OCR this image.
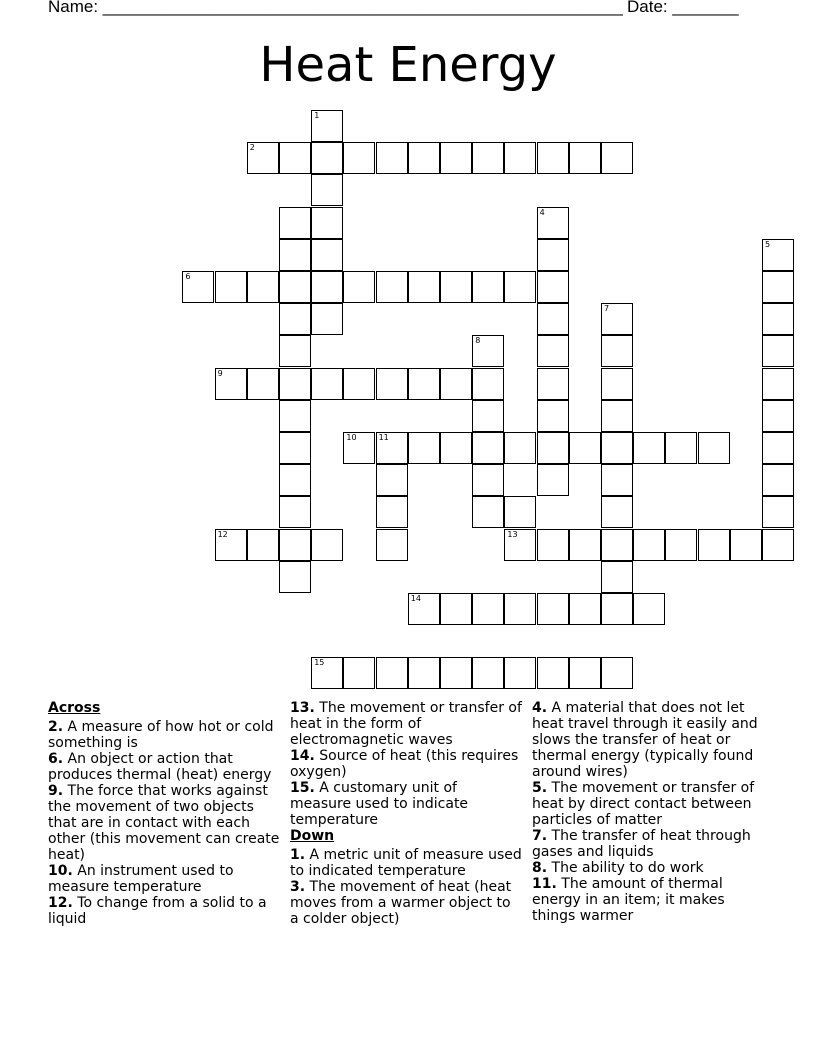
Name: _______________________________________________________ Date: _______
Heat Energy
1
2
4
5
6
7
8
9
10	11
12	13
14
15
Across
2. A measure of how hot or cold something is
6. An object or action that produces thermal (heat) energy
9. The force that works against the movement of two objects that are in contact with each other (this movement can create heat)
10. An instrument used to measure temperature
12. To change from a solid to a liquid
13. The movement or transfer of heat in the form of electromagnetic waves
14. Source of heat (this requires oxygen)
15. A customary unit of measure used to indicate temperature
Down
1. A metric unit of measure used to indicated temperature
3. The movement of heat (heat moves from a warmer object to a colder object)
4. A material that does not let heat travel through it easily and slows the transfer of heat or thermal energy (typically found around wires)
5. The movement or transfer of heat by direct contact between particles of matter
7. The transfer of heat through gases and liquids
8. The ability to do work
11. The amount of thermal energy in an item; it makes things warmer
